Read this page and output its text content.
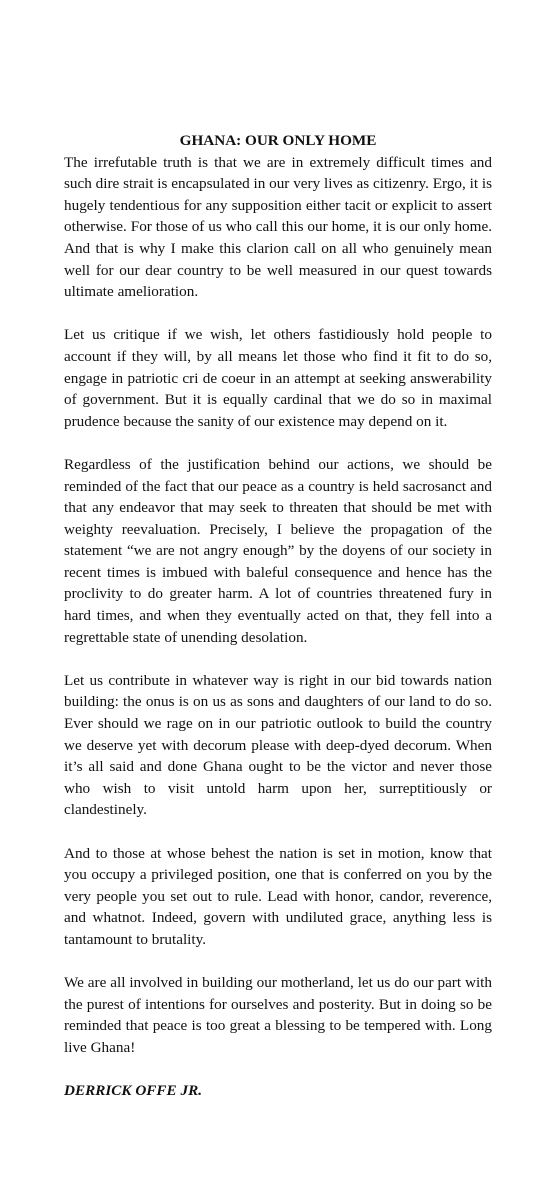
GHANA: OUR ONLY HOME

The irrefutable truth is that we are in extremely difficult times and such dire strait is encapsulated in our very lives as citizenry. Ergo, it is hugely tendentious for any supposition either tacit or explicit to assert otherwise. For those of us who call this our home, it is our only home. And that is why I make this clarion call on all who genuinely mean well for our dear country to be well measured in our quest towards ultimate amelioration.

Let us critique if we wish, let others fastidiously hold people to account if they will, by all means let those who find it fit to do so, engage in patriotic cri de coeur in an attempt at seeking answerability of government. But it is equally cardinal that we do so in maximal prudence because the sanity of our existence may depend on it.

Regardless of the justification behind our actions, we should be reminded of the fact that our peace as a country is held sacrosanct and that any endeavor that may seek to threaten that should be met with weighty reevaluation. Precisely, I believe the propagation of the statement “we are not angry enough” by the doyens of our society in recent times is imbued with baleful consequence and hence has the proclivity to do greater harm. A lot of countries threatened fury in hard times, and when they eventually acted on that, they fell into a regrettable state of unending desolation.

Let us contribute in whatever way is right in our bid towards nation building: the onus is on us as sons and daughters of our land to do so. Ever should we rage on in our patriotic outlook to build the country we deserve yet with decorum please with deep-dyed decorum. When it’s all said and done Ghana ought to be the victor and never those who wish to visit untold harm upon her, surreptitiously or clandestinely.

And to those at whose behest the nation is set in motion, know that you occupy a privileged position, one that is conferred on you by the very people you set out to rule. Lead with honor, candor, reverence, and whatnot. Indeed, govern with undiluted grace, anything less is tantamount to brutality.

We are all involved in building our motherland, let us do our part with the purest of intentions for ourselves and posterity. But in doing so be reminded that peace is too great a blessing to be tempered with. Long live Ghana!

DERRICK OFFE JR.
